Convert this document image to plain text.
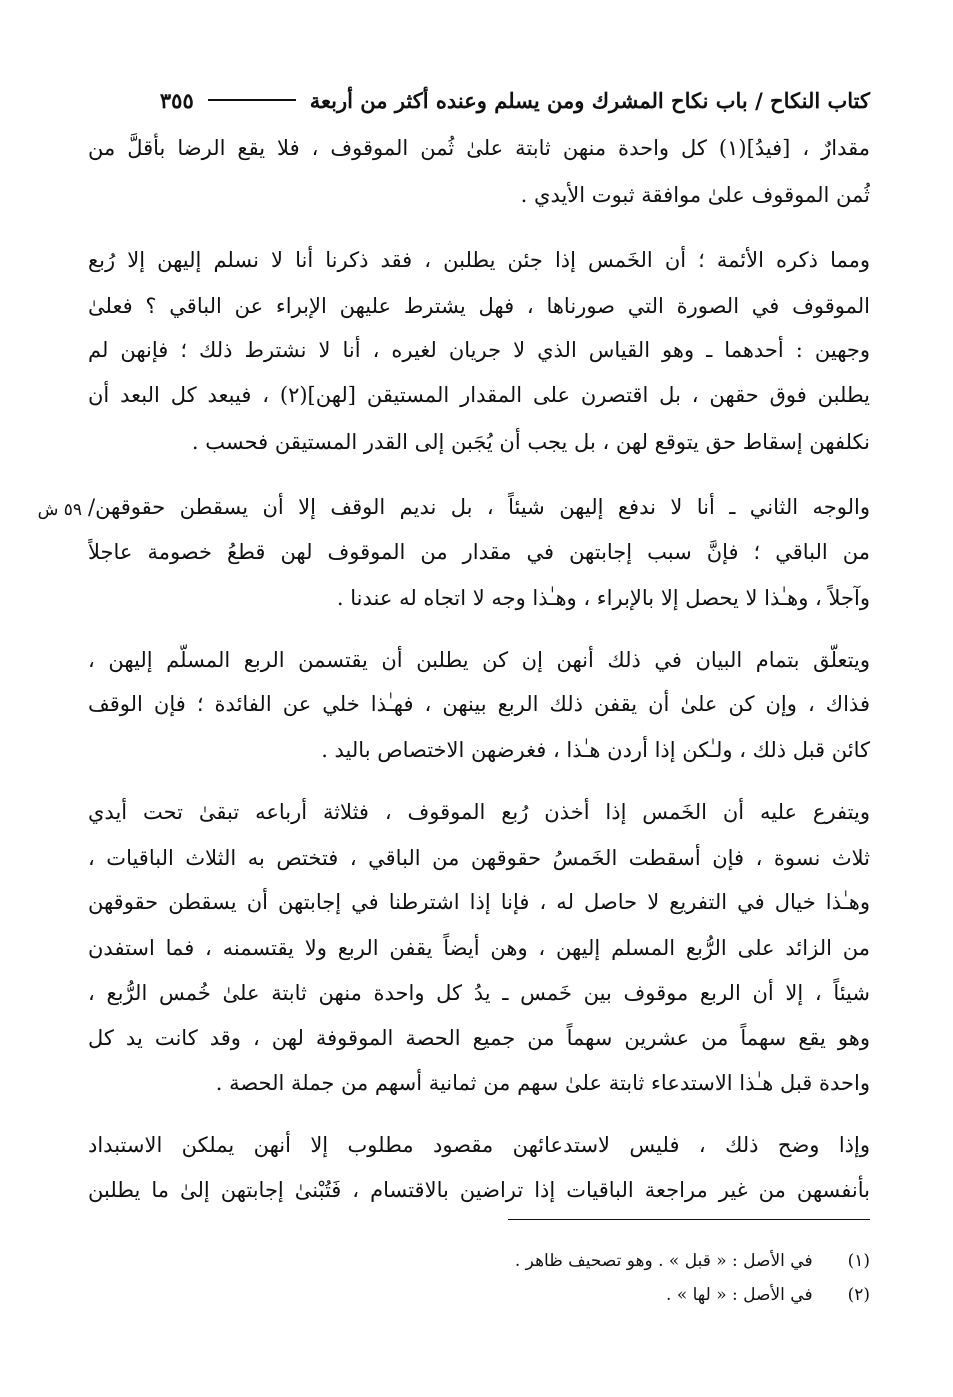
كتاب النكاح / باب نكاح المشرك ومن يسلم وعنده أكثر من أربعة
٣٥٥
مقدارٌ ، [فيدُ](١) كل واحدة منهن ثابتة علىٰ ثُمن الموقوف ، فلا يقع الرضا بأقلَّ من
ثُمن الموقوف علىٰ موافقة ثبوت الأيدي .
ومما ذكره الأئمة ؛ أن الخَمس إذا جئن يطلبن ، فقد ذكرنا أنا لا نسلم إليهن إلا رُبع
الموقوف في الصورة التي صورناها ، فهل يشترط عليهن الإبراء عن الباقي ؟ فعلىٰ
وجهين : أحدهما ـ وهو القياس الذي لا جريان لغيره ، أنا لا نشترط ذلك ؛ فإنهن لم
يطلبن فوق حقهن ، بل اقتصرن على المقدار المستيقن [لهن](٢) ، فيبعد كل البعد أن
نكلفهن إسقاط حق يتوقع لهن ، بل يجب أن يُجَبن إلى القدر المستيقن فحسب .
٥٩ ش والوجه الثاني ـ أنا لا ندفع إليهن شيئاً ، بل نديم الوقف إلا أن يسقطن حقوقهن/
من الباقي ؛ فإنَّ سبب إجابتهن في مقدار من الموقوف لهن قطعُ خصومة عاجلاً
وآجلاً ، وهـٰذا لا يحصل إلا بالإبراء ، وهـٰذا وجه لا اتجاه له عندنا .
ويتعلّق بتمام البيان في ذلك أنهن إن كن يطلبن أن يقتسمن الربع المسلّم إليهن ،
فذاك ، وإن كن علىٰ أن يقفن ذلك الربع بينهن ، فهـٰذا خلي عن الفائدة ؛ فإن الوقف
كائن قبل ذلك ، ولـٰكن إذا أردن هـٰذا ، فغرضهن الاختصاص باليد .
ويتفرع عليه أن الخَمس إذا أخذن رُبع الموقوف ، فثلاثة أرباعه تبقىٰ تحت أيدي
ثلاث نسوة ، فإن أسقطت الخَمسُ حقوقهن من الباقي ، فتختص به الثلاث الباقيات ،
وهـٰذا خيال في التفريع لا حاصل له ، فإنا إذا اشترطنا في إجابتهن أن يسقطن حقوقهن
من الزائد على الرُّبع المسلم إليهن ، وهن أيضاً يقفن الربع ولا يقتسمنه ، فما استفدن
شيئاً ، إلا أن الربع موقوف بين خَمس ـ يدُ كل واحدة منهن ثابتة علىٰ خُمس الرُّبع ،
وهو يقع سهماً من عشرين سهماً من جميع الحصة الموقوفة لهن ، وقد كانت يد كل
واحدة قبل هـٰذا الاستدعاء ثابتة علىٰ سهم من ثمانية أسهم من جملة الحصة .
وإذا وضح ذلك ، فليس لاستدعائهن مقصود مطلوب إلا أنهن يملكن الاستبداد
بأنفسهن من غير مراجعة الباقيات إذا تراضين بالاقتسام ، فَتُبْنىٰ إجابتهن إلىٰ ما يطلبن
(١) في الأصل : « قبل » . وهو تصحيف ظاهر .
(٢) في الأصل : « لها » .
